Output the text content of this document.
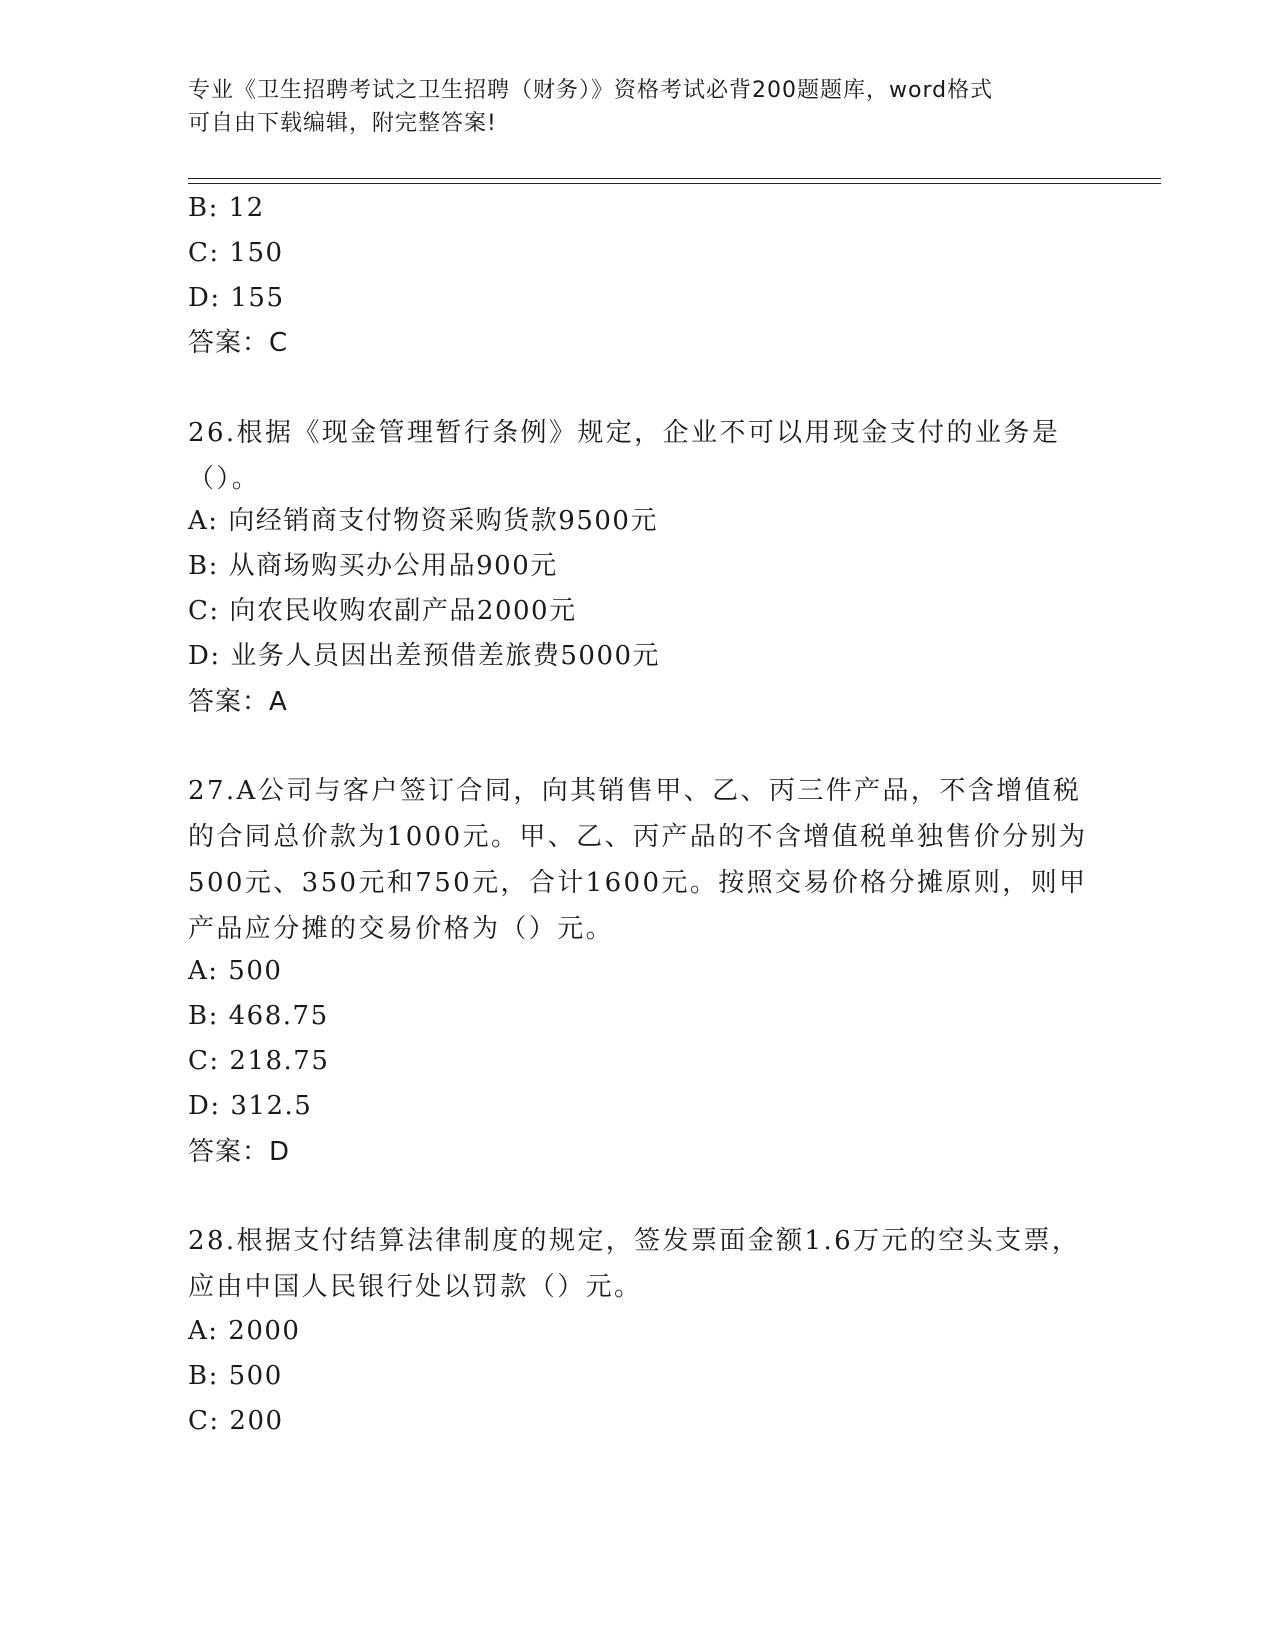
专业《卫生招聘考试之卫生招聘（财务）》资格考试必背200题题库，word格式
可自由下载编辑，附完整答案!
B: 12
C: 150
D: 155
答案：C
26.根据《现金管理暂行条例》规定，企业不可以用现金支付的业务是（）。
A: 向经销商支付物资采购货款9500元
B: 从商场购买办公用品900元
C: 向农民收购农副产品2000元
D: 业务人员因出差预借差旅费5000元
答案：A
27.A公司与客户签订合同，向其销售甲、乙、丙三件产品，不含增值税的合同总价款为1000元。甲、乙、丙产品的不含增值税单独售价分别为500元、350元和750元，合计1600元。按照交易价格分摊原则，则甲产品应分摊的交易价格为（）元。
A: 500
B: 468.75
C: 218.75
D: 312.5
答案：D
28.根据支付结算法律制度的规定，签发票面金额1.6万元的空头支票，应由中国人民银行处以罚款（）元。
A: 2000
B: 500
C: 200
